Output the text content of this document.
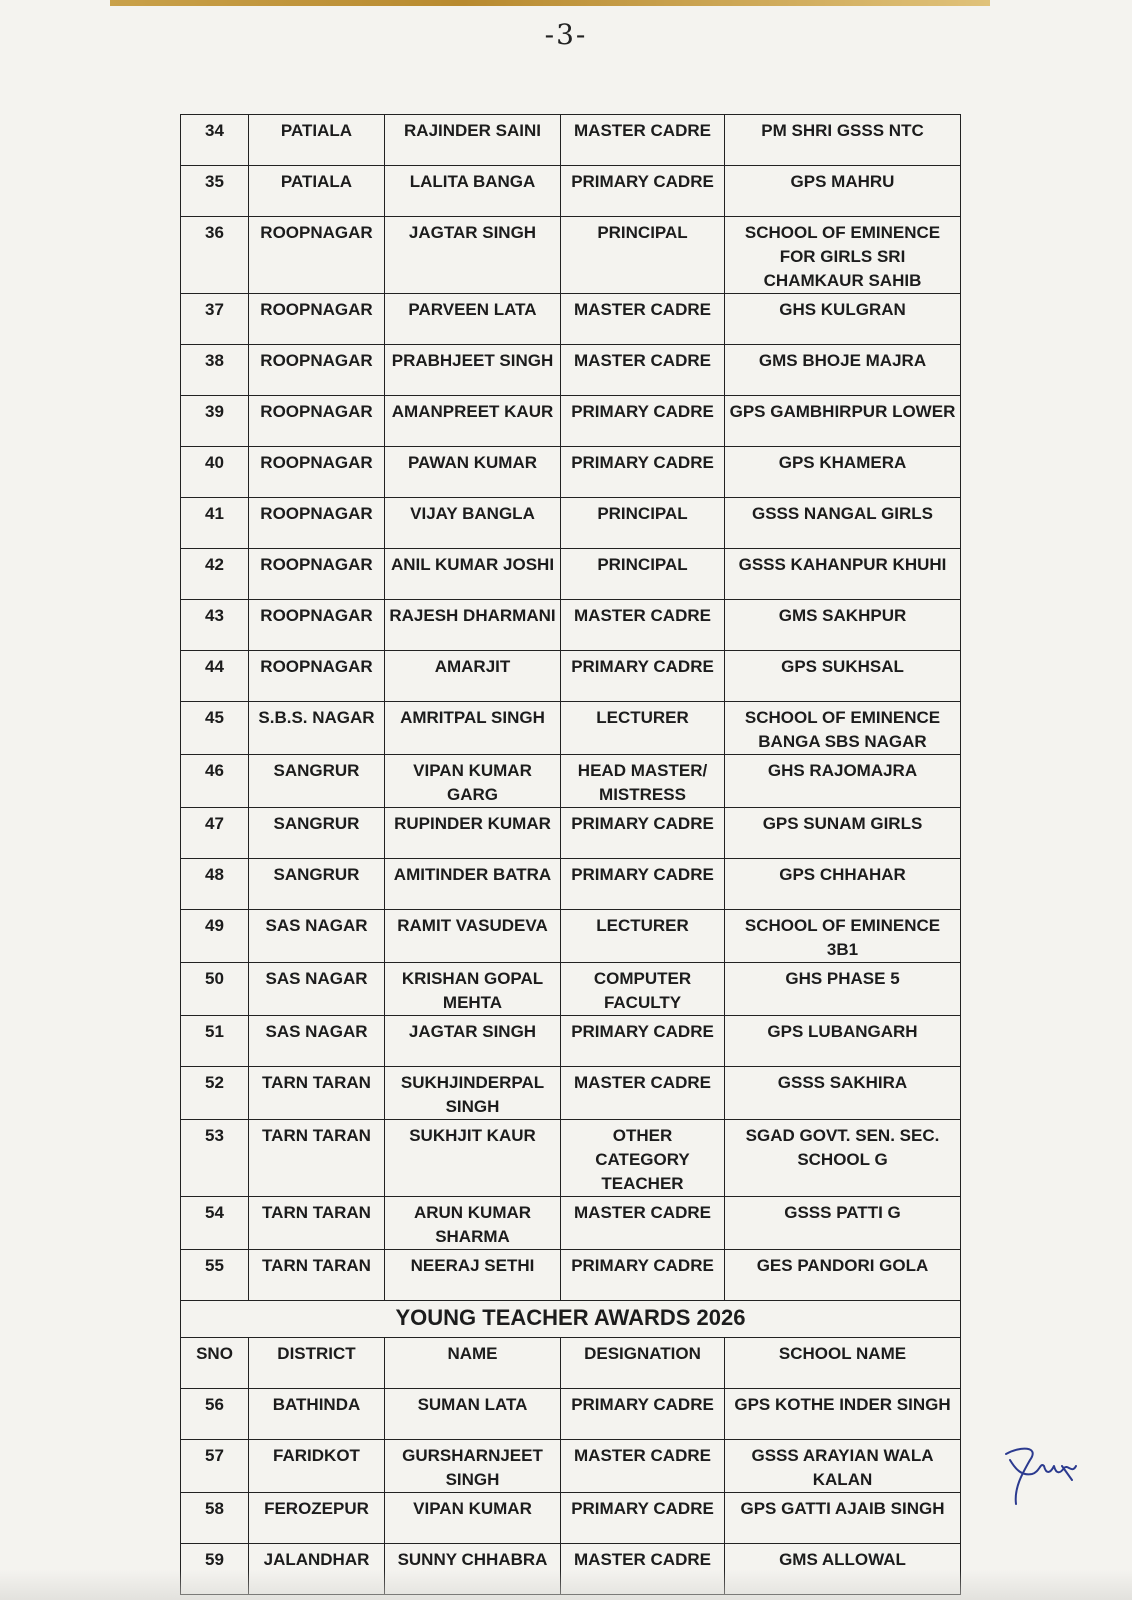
-3-
34	PATIALA	RAJINDER SAINI	MASTER CADRE	PM SHRI GSSS NTC
35	PATIALA	LALITA BANGA	PRIMARY CADRE	GPS MAHRU
36	ROOPNAGAR	JAGTAR SINGH	PRINCIPAL	SCHOOL OF EMINENCE FOR GIRLS SRI CHAMKAUR SAHIB
37	ROOPNAGAR	PARVEEN LATA	MASTER CADRE	GHS KULGRAN
38	ROOPNAGAR	PRABHJEET SINGH	MASTER CADRE	GMS BHOJE MAJRA
39	ROOPNAGAR	AMANPREET KAUR	PRIMARY CADRE	GPS GAMBHIRPUR LOWER
40	ROOPNAGAR	PAWAN KUMAR	PRIMARY CADRE	GPS KHAMERA
41	ROOPNAGAR	VIJAY BANGLA	PRINCIPAL	GSSS NANGAL GIRLS
42	ROOPNAGAR	ANIL KUMAR JOSHI	PRINCIPAL	GSSS KAHANPUR KHUHI
43	ROOPNAGAR	RAJESH DHARMANI	MASTER CADRE	GMS SAKHPUR
44	ROOPNAGAR	AMARJIT	PRIMARY CADRE	GPS SUKHSAL
45	S.B.S. NAGAR	AMRITPAL SINGH	LECTURER	SCHOOL OF EMINENCE BANGA SBS NAGAR
46	SANGRUR	VIPAN KUMAR GARG	HEAD MASTER/ MISTRESS	GHS RAJOMAJRA
47	SANGRUR	RUPINDER KUMAR	PRIMARY CADRE	GPS SUNAM GIRLS
48	SANGRUR	AMITINDER BATRA	PRIMARY CADRE	GPS CHHAHAR
49	SAS NAGAR	RAMIT VASUDEVA	LECTURER	SCHOOL OF EMINENCE 3B1
50	SAS NAGAR	KRISHAN GOPAL MEHTA	COMPUTER FACULTY	GHS PHASE 5
51	SAS NAGAR	JAGTAR SINGH	PRIMARY CADRE	GPS LUBANGARH
52	TARN TARAN	SUKHJINDERPAL SINGH	MASTER CADRE	GSSS SAKHIRA
53	TARN TARAN	SUKHJIT KAUR	OTHER CATEGORY TEACHER	SGAD GOVT. SEN. SEC. SCHOOL G
54	TARN TARAN	ARUN KUMAR SHARMA	MASTER CADRE	GSSS PATTI G
55	TARN TARAN	NEERAJ SETHI	PRIMARY CADRE	GES PANDORI GOLA
YOUNG TEACHER AWARDS 2026				
SNO	DISTRICT	NAME	DESIGNATION	SCHOOL NAME
56	BATHINDA	SUMAN LATA	PRIMARY CADRE	GPS KOTHE INDER SINGH
57	FARIDKOT	GURSHARNJEET SINGH	MASTER CADRE	GSSS ARAYIAN WALA KALAN
58	FEROZEPUR	VIPAN KUMAR	PRIMARY CADRE	GPS GATTI AJAIB SINGH
59	JALANDHAR	SUNNY CHHABRA	MASTER CADRE	GMS ALLOWAL
